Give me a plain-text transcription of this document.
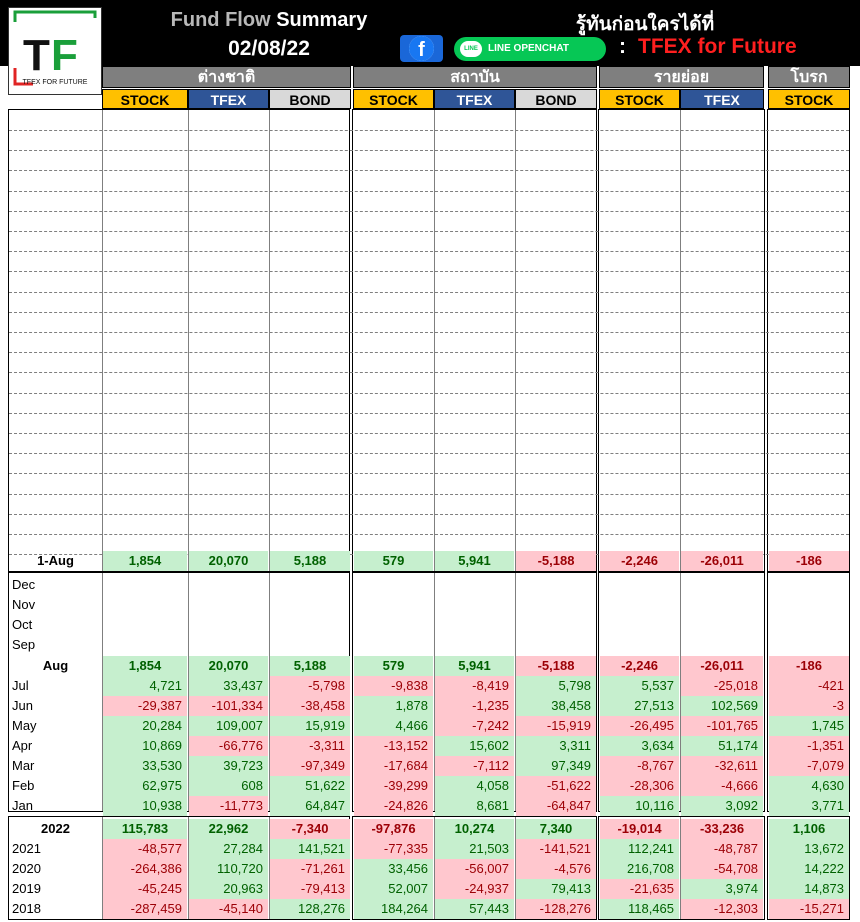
Fund Flow Summary
02/08/22
รู้ทันก่อนใครได้ที่
f	LINE	LINE OPENCHAT : TFEX for Future
T F
TFEX FOR FUTURE	ต่างชาติ	สถาบัน	รายย่อย	โบรก
STOCK	TFEX	BOND	STOCK	TFEX	BOND	STOCK	TFEX	STOCK
1-Aug	1,854	20,070	5,188	579	5,941	-5,188	-2,246	-26,011	-186
Dec
Nov
Oct
Sep
Aug	1,854	20,070	5,188	579	5,941	-5,188	-2,246	-26,011	-186
Jul	4,721	33,437	-5,798	-9,838	-8,419	5,798	5,537	-25,018	-421
Jun	-29,387	-101,334	-38,458	1,878	-1,235	38,458	27,513	102,569	-3
May	20,284	109,007	15,919	4,466	-7,242	-15,919	-26,495	-101,765	1,745
Apr	10,869	-66,776	-3,311	-13,152	15,602	3,311	3,634	51,174	-1,351
Mar	33,530	39,723	-97,349	-17,684	-7,112	97,349	-8,767	-32,611	-7,079
Feb	62,975	608	51,622	-39,299	4,058	-51,622	-28,306	-4,666	4,630
Jan	10,938	-11,773	64,847	-24,826	8,681	-64,847	10,116	3,092	3,771
2022	115,783	22,962	-7,340	-97,876	10,274	7,340	-19,014	-33,236	1,106
2021	-48,577	27,284	141,521	-77,335	21,503	-141,521	112,241	-48,787	13,672
2020	-264,386	110,720	-71,261	33,456	-56,007	-4,576	216,708	-54,708	14,222
2019	-45,245	20,963	-79,413	52,007	-24,937	79,413	-21,635	3,974	14,873
2018	-287,459	-45,140	128,276	184,264	57,443	-128,276	118,465	-12,303	-15,271
